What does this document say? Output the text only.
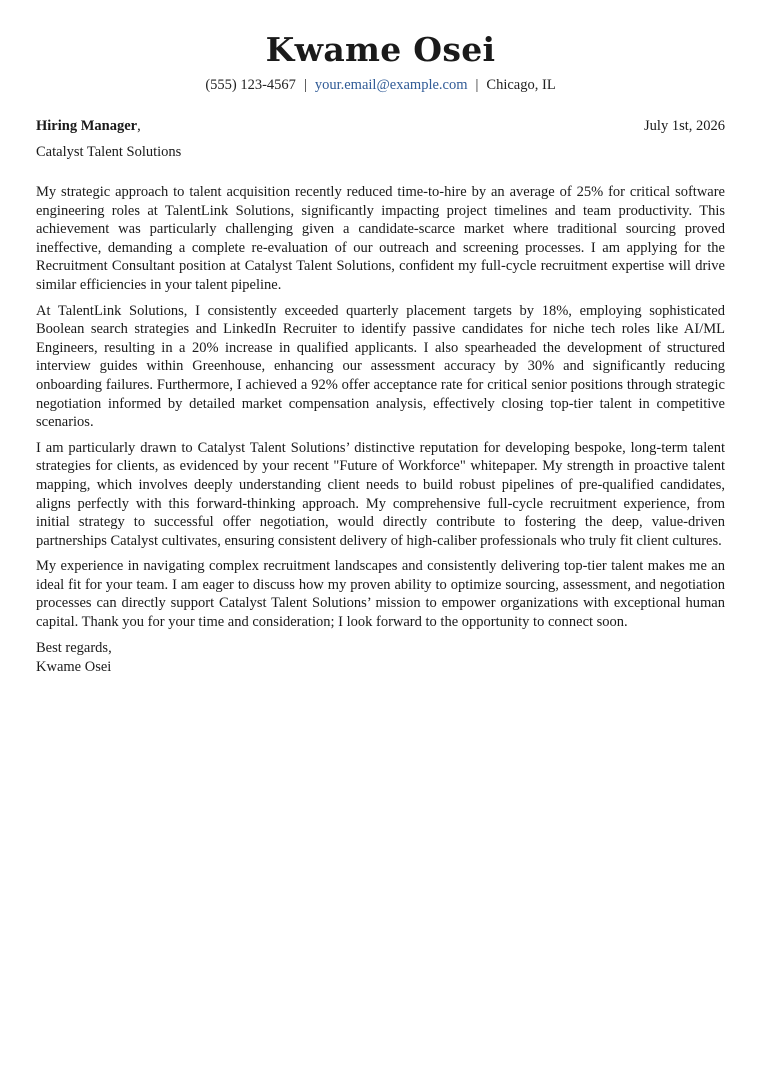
Kwame Osei
(555) 123-4567 | your.email@example.com | Chicago, IL
Hiring Manager,	July 1st, 2026
Catalyst Talent Solutions

My strategic approach to talent acquisition recently reduced time-to-hire by an average of 25% for critical software engineering roles at TalentLink Solutions, significantly impacting project timelines and team productivity. This achievement was particularly challenging given a candidate-scarce market where traditional sourcing proved ineffective, demanding a complete re-evaluation of our outreach and screening processes. I am applying for the Recruitment Consultant position at Catalyst Talent Solutions, confident my full-cycle recruitment expertise will drive similar efficiencies in your talent pipeline.

At TalentLink Solutions, I consistently exceeded quarterly placement targets by 18%, employing sophisticated Boolean search strategies and LinkedIn Recruiter to identify passive candidates for niche tech roles like AI/ML Engineers, resulting in a 20% increase in qualified applicants. I also spearheaded the development of structured interview guides within Greenhouse, enhancing our assessment accuracy by 30% and significantly reducing onboarding failures. Furthermore, I achieved a 92% offer acceptance rate for critical senior positions through strategic negotiation informed by detailed market compensation analysis, effectively closing top-tier talent in competitive scenarios.

I am particularly drawn to Catalyst Talent Solutions’ distinctive reputation for developing bespoke, long-term talent strategies for clients, as evidenced by your recent "Future of Workforce" whitepaper. My strength in proactive talent mapping, which involves deeply understanding client needs to build robust pipelines of pre-qualified candidates, aligns perfectly with this forward-thinking approach. My comprehensive full-cycle recruitment experience, from initial strategy to successful offer negotiation, would directly contribute to fostering the deep, value-driven partnerships Catalyst cultivates, ensuring consistent delivery of high-caliber professionals who truly fit client cultures.

My experience in navigating complex recruitment landscapes and consistently delivering top-tier talent makes me an ideal fit for your team. I am eager to discuss how my proven ability to optimize sourcing, assessment, and negotiation processes can directly support Catalyst Talent Solutions’ mission to empower organizations with exceptional human capital. Thank you for your time and consideration; I look forward to the opportunity to connect soon.

Best regards,
Kwame Osei
